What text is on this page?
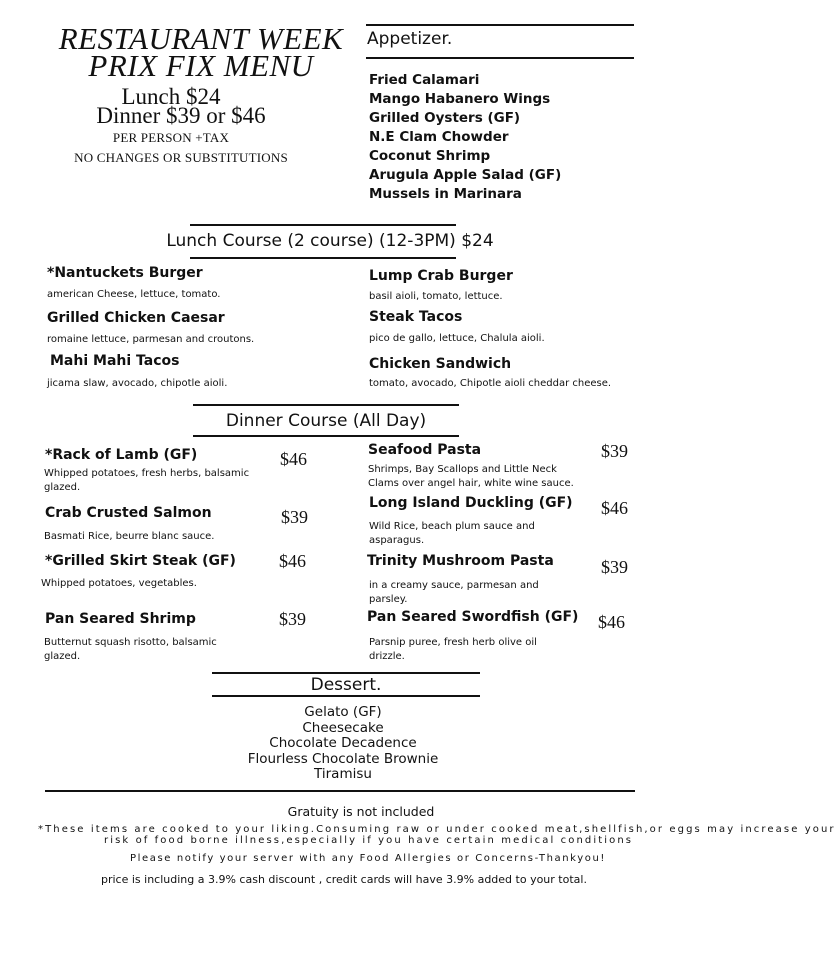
RESTAURANT WEEK
PRIX FIX MENU
Lunch $24
Dinner $39 or $46
PER PERSON +TAX
NO CHANGES OR SUBSTITUTIONS
Appetizer.
Fried Calamari
Mango Habanero Wings
Grilled Oysters (GF)
N.E Clam Chowder
Coconut Shrimp
Arugula Apple Salad (GF)
Mussels in Marinara
Lunch Course (2 course) (12-3PM) $24
*Nantuckets Burger
american Cheese, lettuce, tomato.
Grilled Chicken Caesar
romaine lettuce, parmesan and croutons.
Mahi Mahi Tacos
jicama slaw, avocado, chipotle aioli.
Lump Crab Burger
basil aioli, tomato, lettuce.
Steak Tacos
pico de gallo, lettuce, Chalula aioli.
Chicken Sandwich
tomato, avocado, Chipotle aioli cheddar cheese.
Dinner Course (All Day)
*Rack of Lamb (GF)
Whipped potatoes, fresh herbs, balsamic glazed.
$46
Crab Crusted Salmon
Basmati Rice, beurre blanc sauce.
$39
*Grilled Skirt Steak (GF)
Whipped potatoes, vegetables.
$46
Pan Seared Shrimp
Butternut squash risotto, balsamic glazed.
$39
Seafood Pasta
Shrimps, Bay Scallops and Little Neck Clams over angel hair, white wine sauce.
$39
Long Island Duckling (GF)
Wild Rice, beach plum sauce and asparagus.
$46
Trinity Mushroom Pasta
in a creamy sauce, parmesan and parsley.
$39
Pan Seared Swordfish (GF)
Parsnip puree, fresh herb olive oil drizzle.
$46
Dessert.
Gelato (GF)
Cheesecake
Chocolate Decadence
Flourless Chocolate Brownie
Tiramisu
Gratuity is not included
*These items are cooked to your liking.Consuming raw or under cooked meat,shellfish,or eggs may increase your
risk of food borne illness,especially if you have certain medical conditions
Please notify your server with any Food Allergies or Concerns-Thankyou!
price is including a 3.9% cash discount , credit cards will have 3.9% added to your total.
